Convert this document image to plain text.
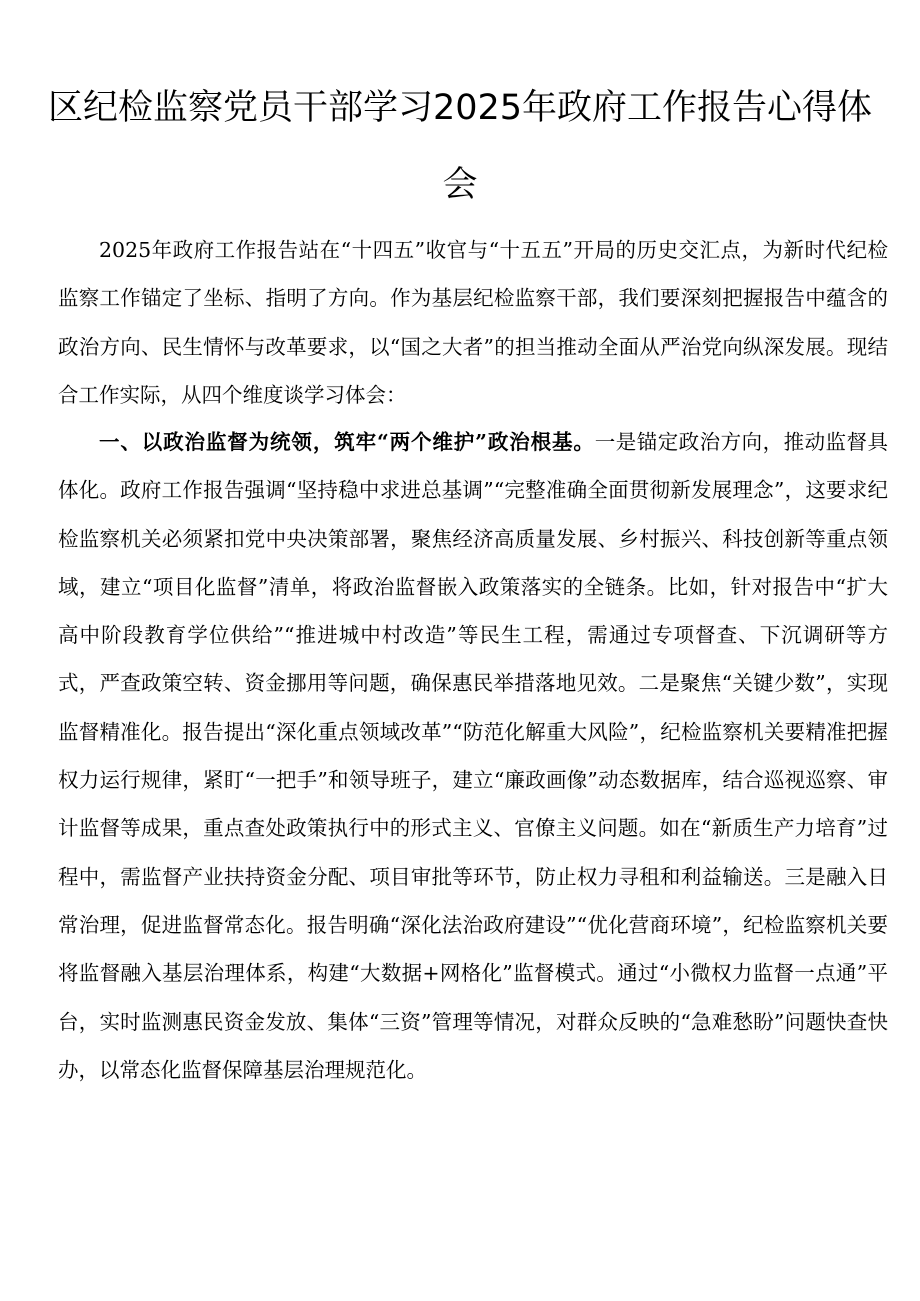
区纪检监察党员干部学习2025年政府工作报告心得体
会

2025年政府工作报告站在“十四五”收官与“十五五”开局的历史交汇点，为新时代纪检监察工作锚定了坐标、指明了方向。作为基层纪检监察干部，我们要深刻把握报告中蕴含的政治方向、民生情怀与改革要求，以“国之大者”的担当推动全面从严治党向纵深发展。现结合工作实际，从四个维度谈学习体会：

一、以政治监督为统领，筑牢“两个维护”政治根基。一是锚定政治方向，推动监督具体化。政府工作报告强调“坚持稳中求进总基调”“完整准确全面贯彻新发展理念”，这要求纪检监察机关必须紧扣党中央决策部署，聚焦经济高质量发展、乡村振兴、科技创新等重点领域，建立“项目化监督”清单，将政治监督嵌入政策落实的全链条。比如，针对报告中“扩大高中阶段教育学位供给”“推进城中村改造”等民生工程，需通过专项督查、下沉调研等方式，严查政策空转、资金挪用等问题，确保惠民举措落地见效。二是聚焦“关键少数”，实现监督精准化。报告提出“深化重点领域改革”“防范化解重大风险”，纪检监察机关要精准把握权力运行规律，紧盯“一把手”和领导班子，建立“廉政画像”动态数据库，结合巡视巡察、审计监督等成果，重点查处政策执行中的形式主义、官僚主义问题。如在“新质生产力培育”过程中，需监督产业扶持资金分配、项目审批等环节，防止权力寻租和利益输送。三是融入日常治理，促进监督常态化。报告明确“深化法治政府建设”“优化营商环境”，纪检监察机关要将监督融入基层治理体系，构建“大数据+网格化”监督模式。通过“小微权力监督一点通”平台，实时监测惠民资金发放、集体“三资”管理等情况，对群众反映的“急难愁盼”问题快查快办，以常态化监督保障基层治理规范化。
